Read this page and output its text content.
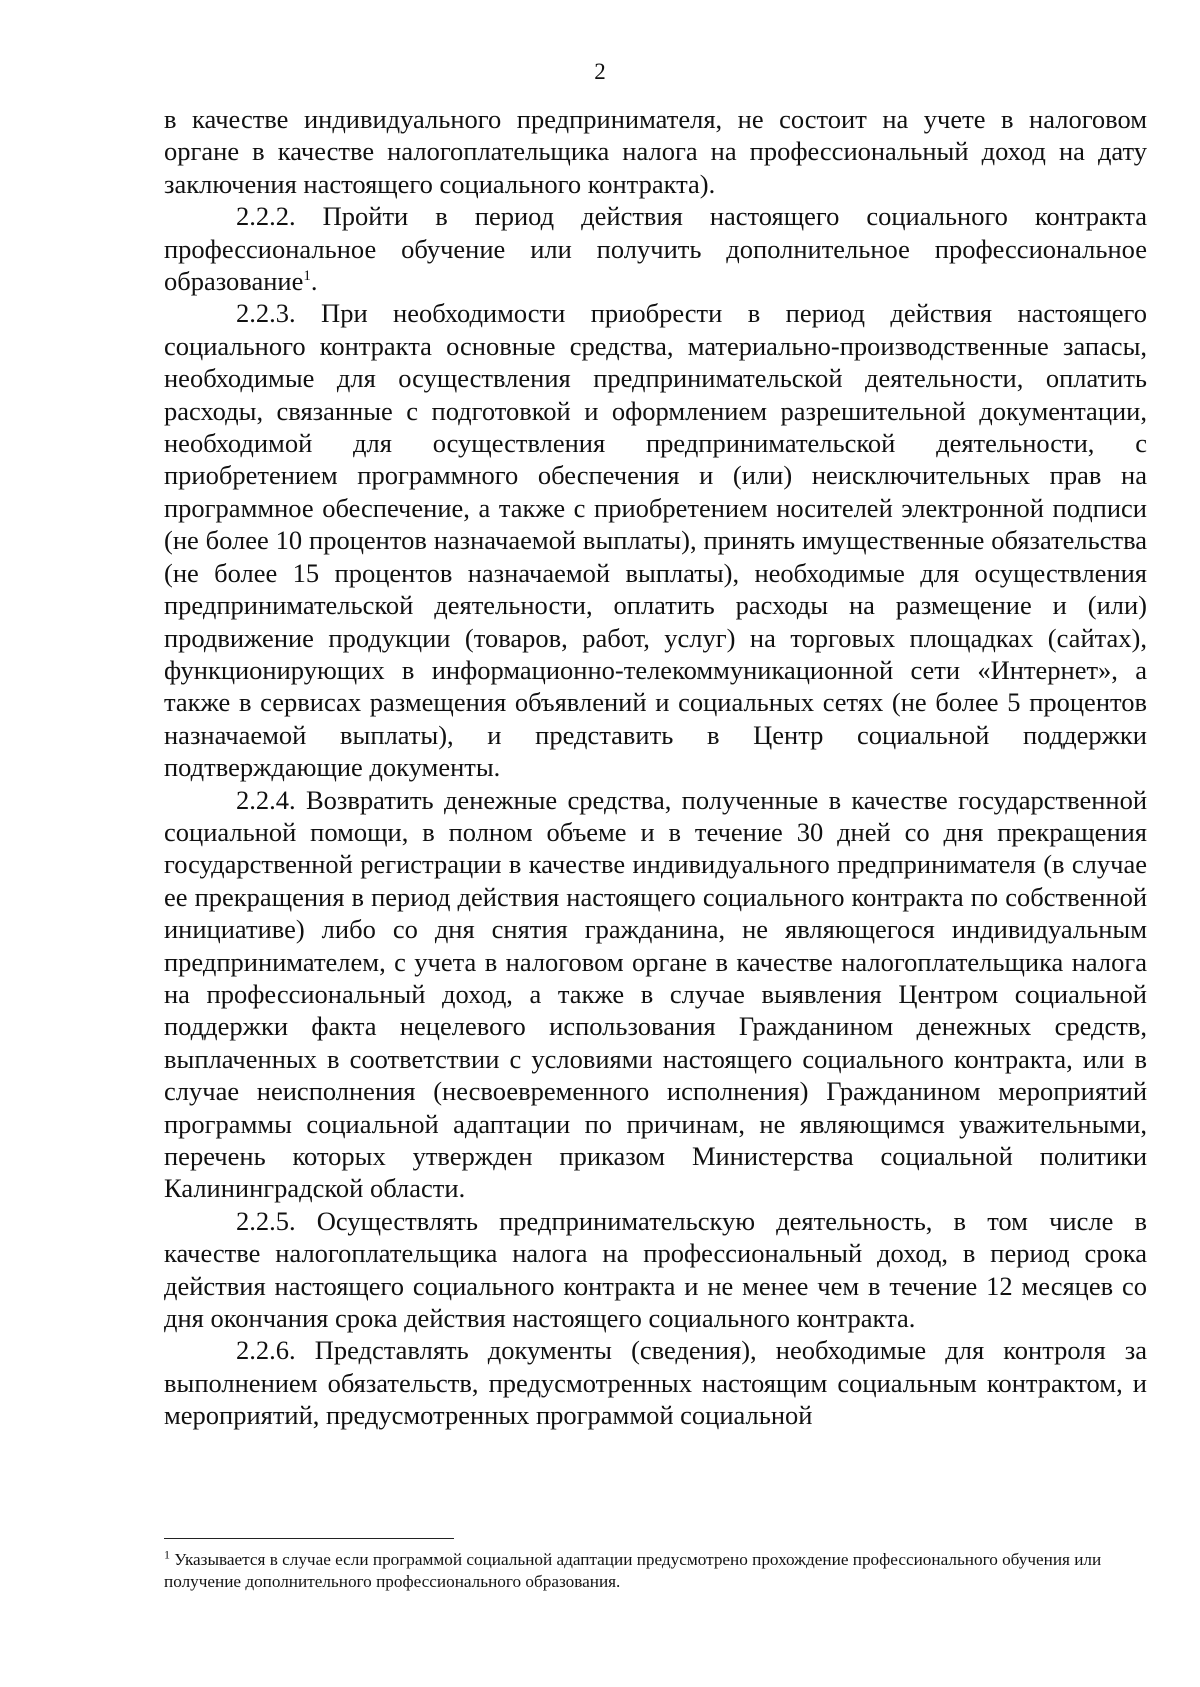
2

в качестве индивидуального предпринимателя, не состоит на учете в налоговом органе в качестве налогоплательщика налога на профессиональный доход на дату заключения настоящего социального контракта).

2.2.2. Пройти в период действия настоящего социального контракта профессиональное обучение или получить дополнительное профессиональное образование$^1$.

2.2.3. При необходимости приобрести в период действия настоящего социального контракта основные средства, материально-производственные запасы, необходимые для осуществления предпринимательской деятельности, оплатить расходы, связанные с подготовкой и оформлением разрешительной документации, необходимой для осуществления предпринимательской деятельности, с приобретением программного обеспечения и (или) неисключительных прав на программное обеспечение, а также с приобретением носителей электронной подписи (не более 10 процентов назначаемой выплаты), принять имущественные обязательства (не более 15 процентов назначаемой выплаты), необходимые для осуществления предпринимательской деятельности, оплатить расходы на размещение и (или) продвижение продукции (товаров, работ, услуг) на торговых площадках (сайтах), функционирующих в информационно-телекоммуникационной сети «Интернет», а также в сервисах размещения объявлений и социальных сетях (не более 5 процентов назначаемой выплаты), и представить в Центр социальной поддержки подтверждающие документы.

2.2.4. Возвратить денежные средства, полученные в качестве государственной социальной помощи, в полном объеме и в течение 30 дней со дня прекращения государственной регистрации в качестве индивидуального предпринимателя (в случае ее прекращения в период действия настоящего социального контракта по собственной инициативе) либо со дня снятия гражданина, не являющегося индивидуальным предпринимателем, с учета в налоговом органе в качестве налогоплательщика налога на профессиональный доход, а также в случае выявления Центром социальной поддержки факта нецелевого использования Гражданином денежных средств, выплаченных в соответствии с условиями настоящего социального контракта, или в случае неисполнения (несвоевременного исполнения) Гражданином мероприятий программы социальной адаптации по причинам, не являющимся уважительными, перечень которых утвержден приказом Министерства социальной политики Калининградской области.

2.2.5. Осуществлять предпринимательскую деятельность, в том числе в качестве налогоплательщика налога на профессиональный доход, в период срока действия настоящего социального контракта и не менее чем в течение 12 месяцев со дня окончания срока действия настоящего социального контракта.

2.2.6. Представлять документы (сведения), необходимые для контроля за выполнением обязательств, предусмотренных настоящим социальным контрактом, и мероприятий, предусмотренных программой социальной

$^1$ Указывается в случае если программой социальной адаптации предусмотрено прохождение профессионального обучения или получение дополнительного профессионального образования.
